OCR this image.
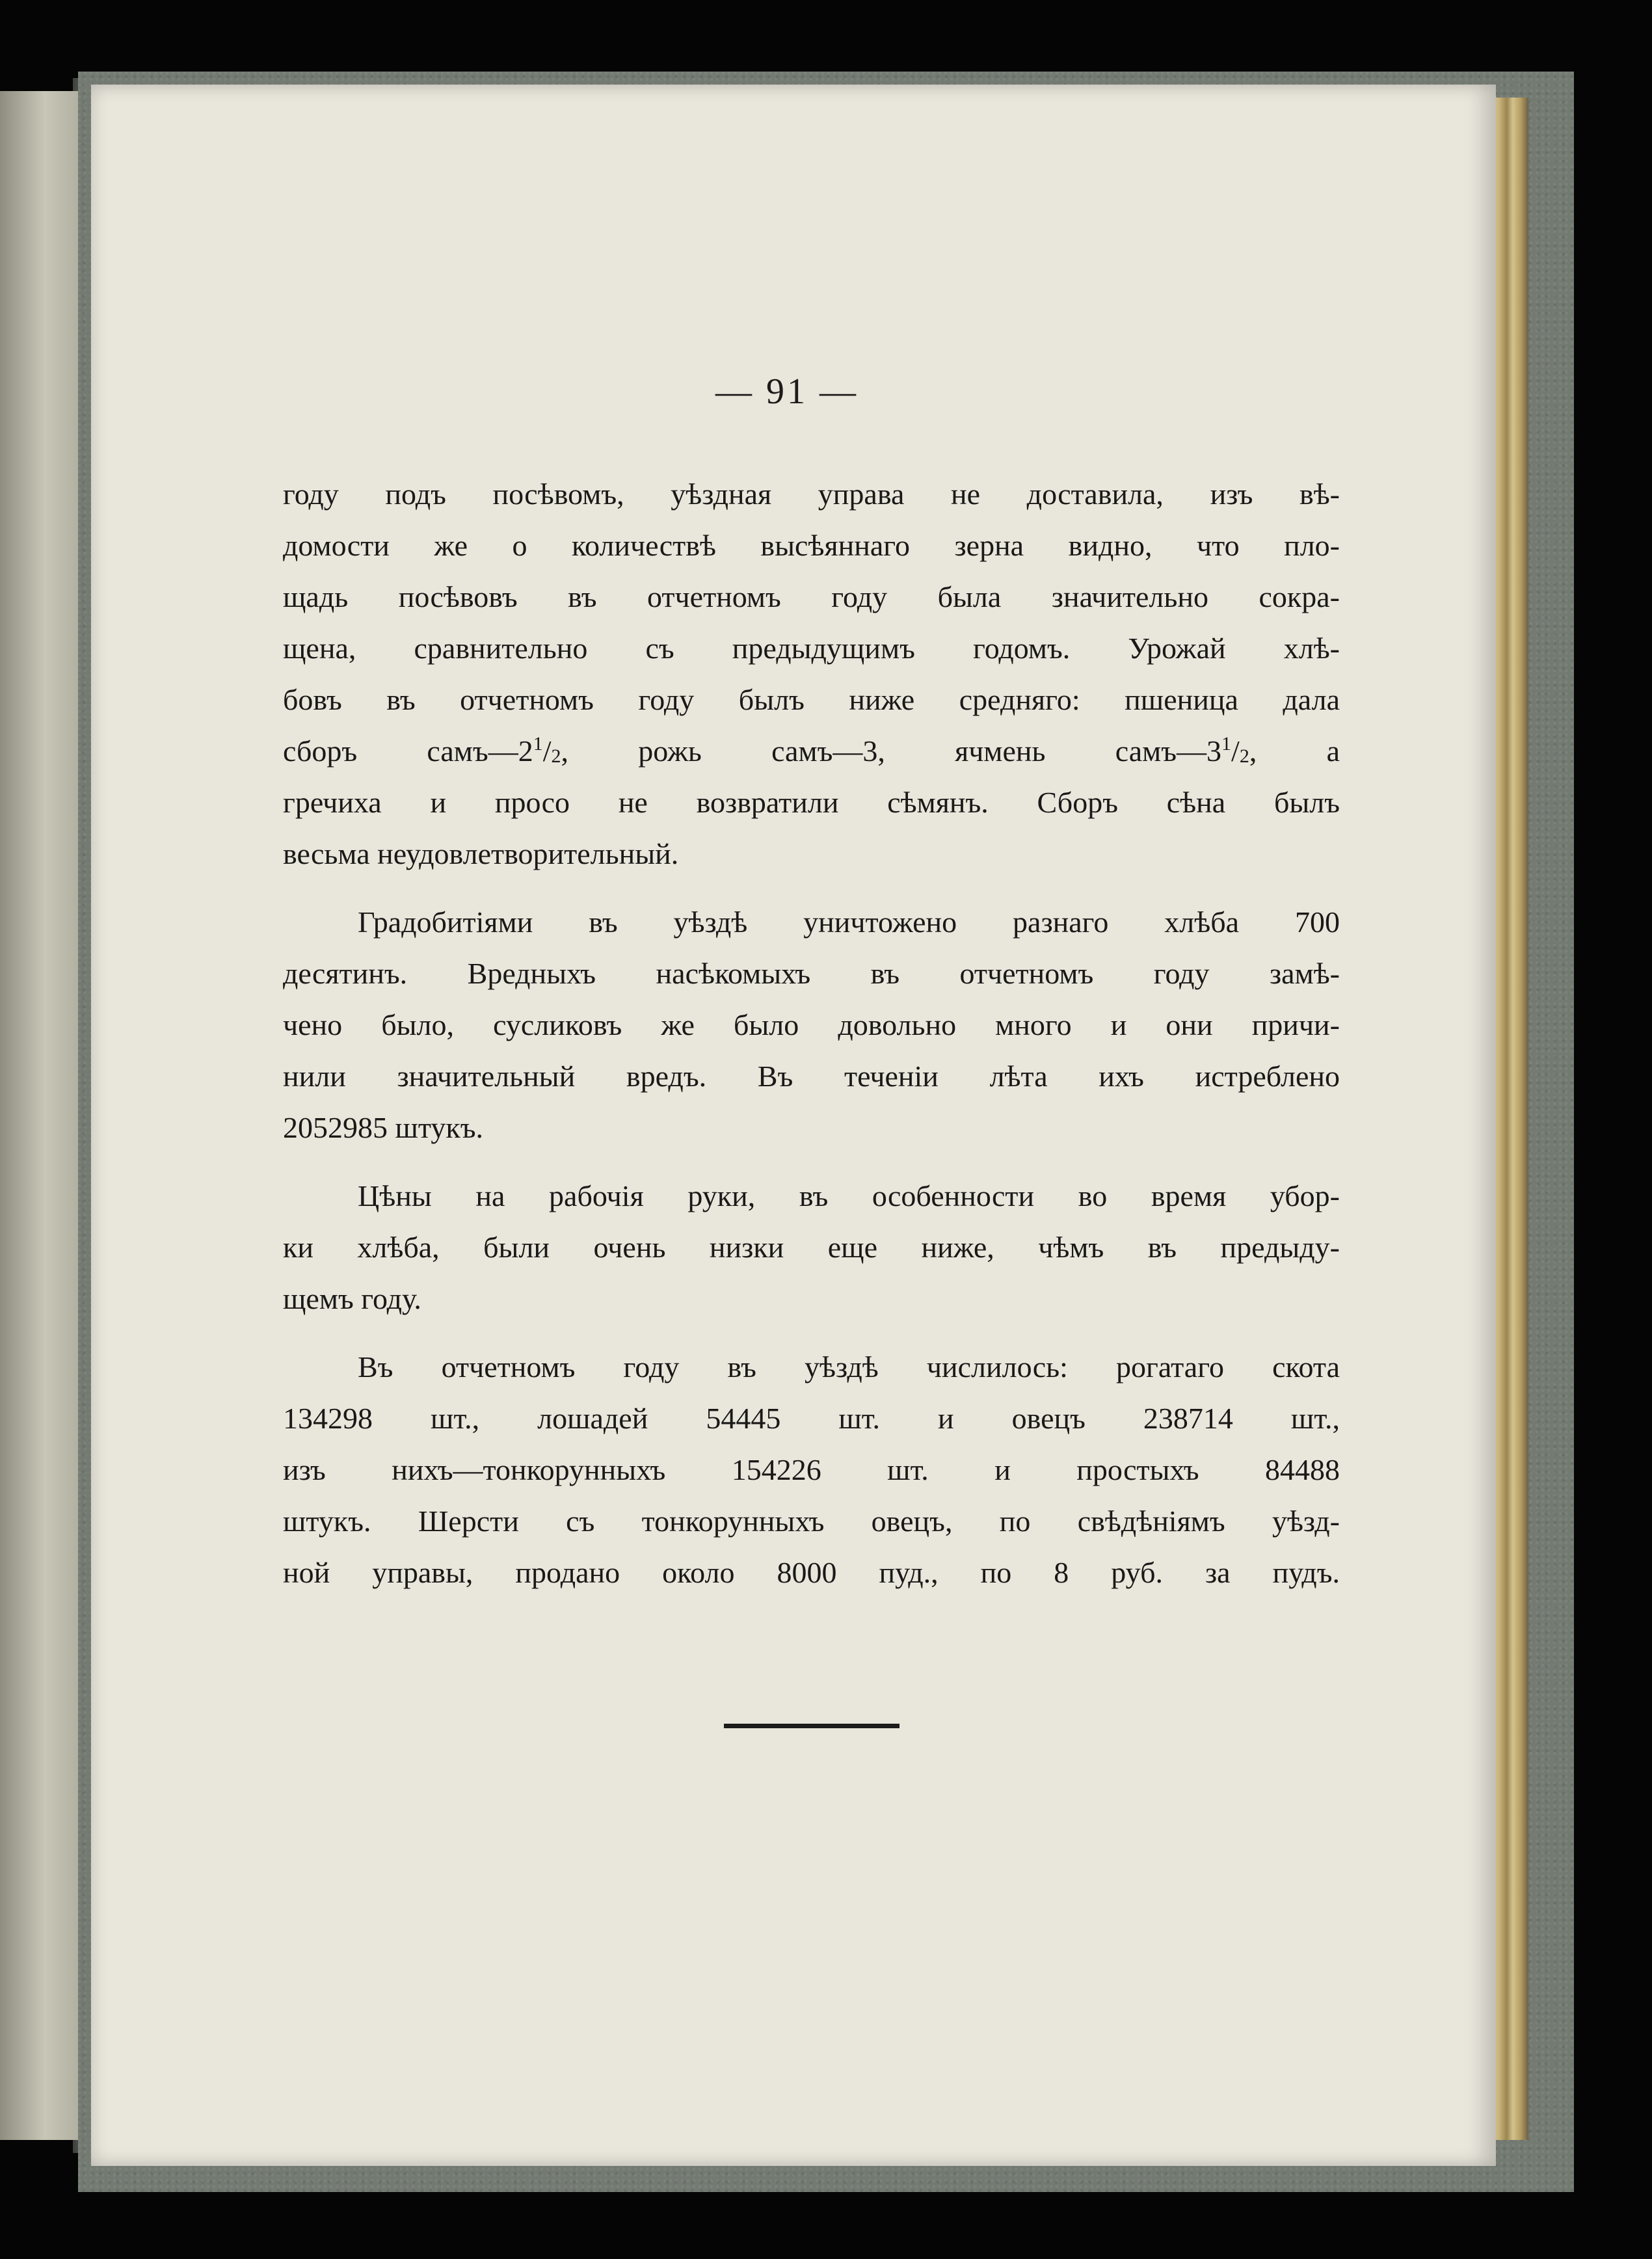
— 91 —
году подъ посѣвомъ, уѣздная управа не доставила, изъ вѣ-
домости же о количествѣ высѣяннаго зерна видно, что пло-
щадь посѣвовъ въ отчетномъ году была значительно сокра-
щена, сравнительно съ предыдущимъ годомъ. Урожай хлѣ-
бовъ въ отчетномъ году былъ ниже средняго: пшеница дала
сборъ $самъ—2^1/_2$, рожь самъ—3, ячмень $самъ—3^1/_2$, а
гречиха и просо не возвратили сѣмянъ. Сборъ сѣна былъ
весьма неудовлетворительный.
Градобитіями въ уѣздѣ уничтожено разнаго хлѣба 700
десятинъ. Вредныхъ насѣкомыхъ въ отчетномъ году замѣ-
чено было, сусликовъ же было довольно много и они причи-
нили значительный вредъ. Въ теченіи лѣта ихъ истреблено
2052985 штукъ.
Цѣны на рабочія руки, въ особенности во время убор-
ки хлѣба, были очень низки еще ниже, чѣмъ въ предыду-
щемъ году.
Въ отчетномъ году въ уѣздѣ числилось: рогатаго скота
134298 шт., лошадей 54445 шт. и овецъ 238714 шт.,
изъ нихъ—тонкорунныхъ 154226 шт. и простыхъ 84488
штукъ. Шерсти съ тонкорунныхъ овецъ, по свѣдѣніямъ уѣзд-
ной управы, продано около 8000 пуд., по 8 руб. за пудъ.
